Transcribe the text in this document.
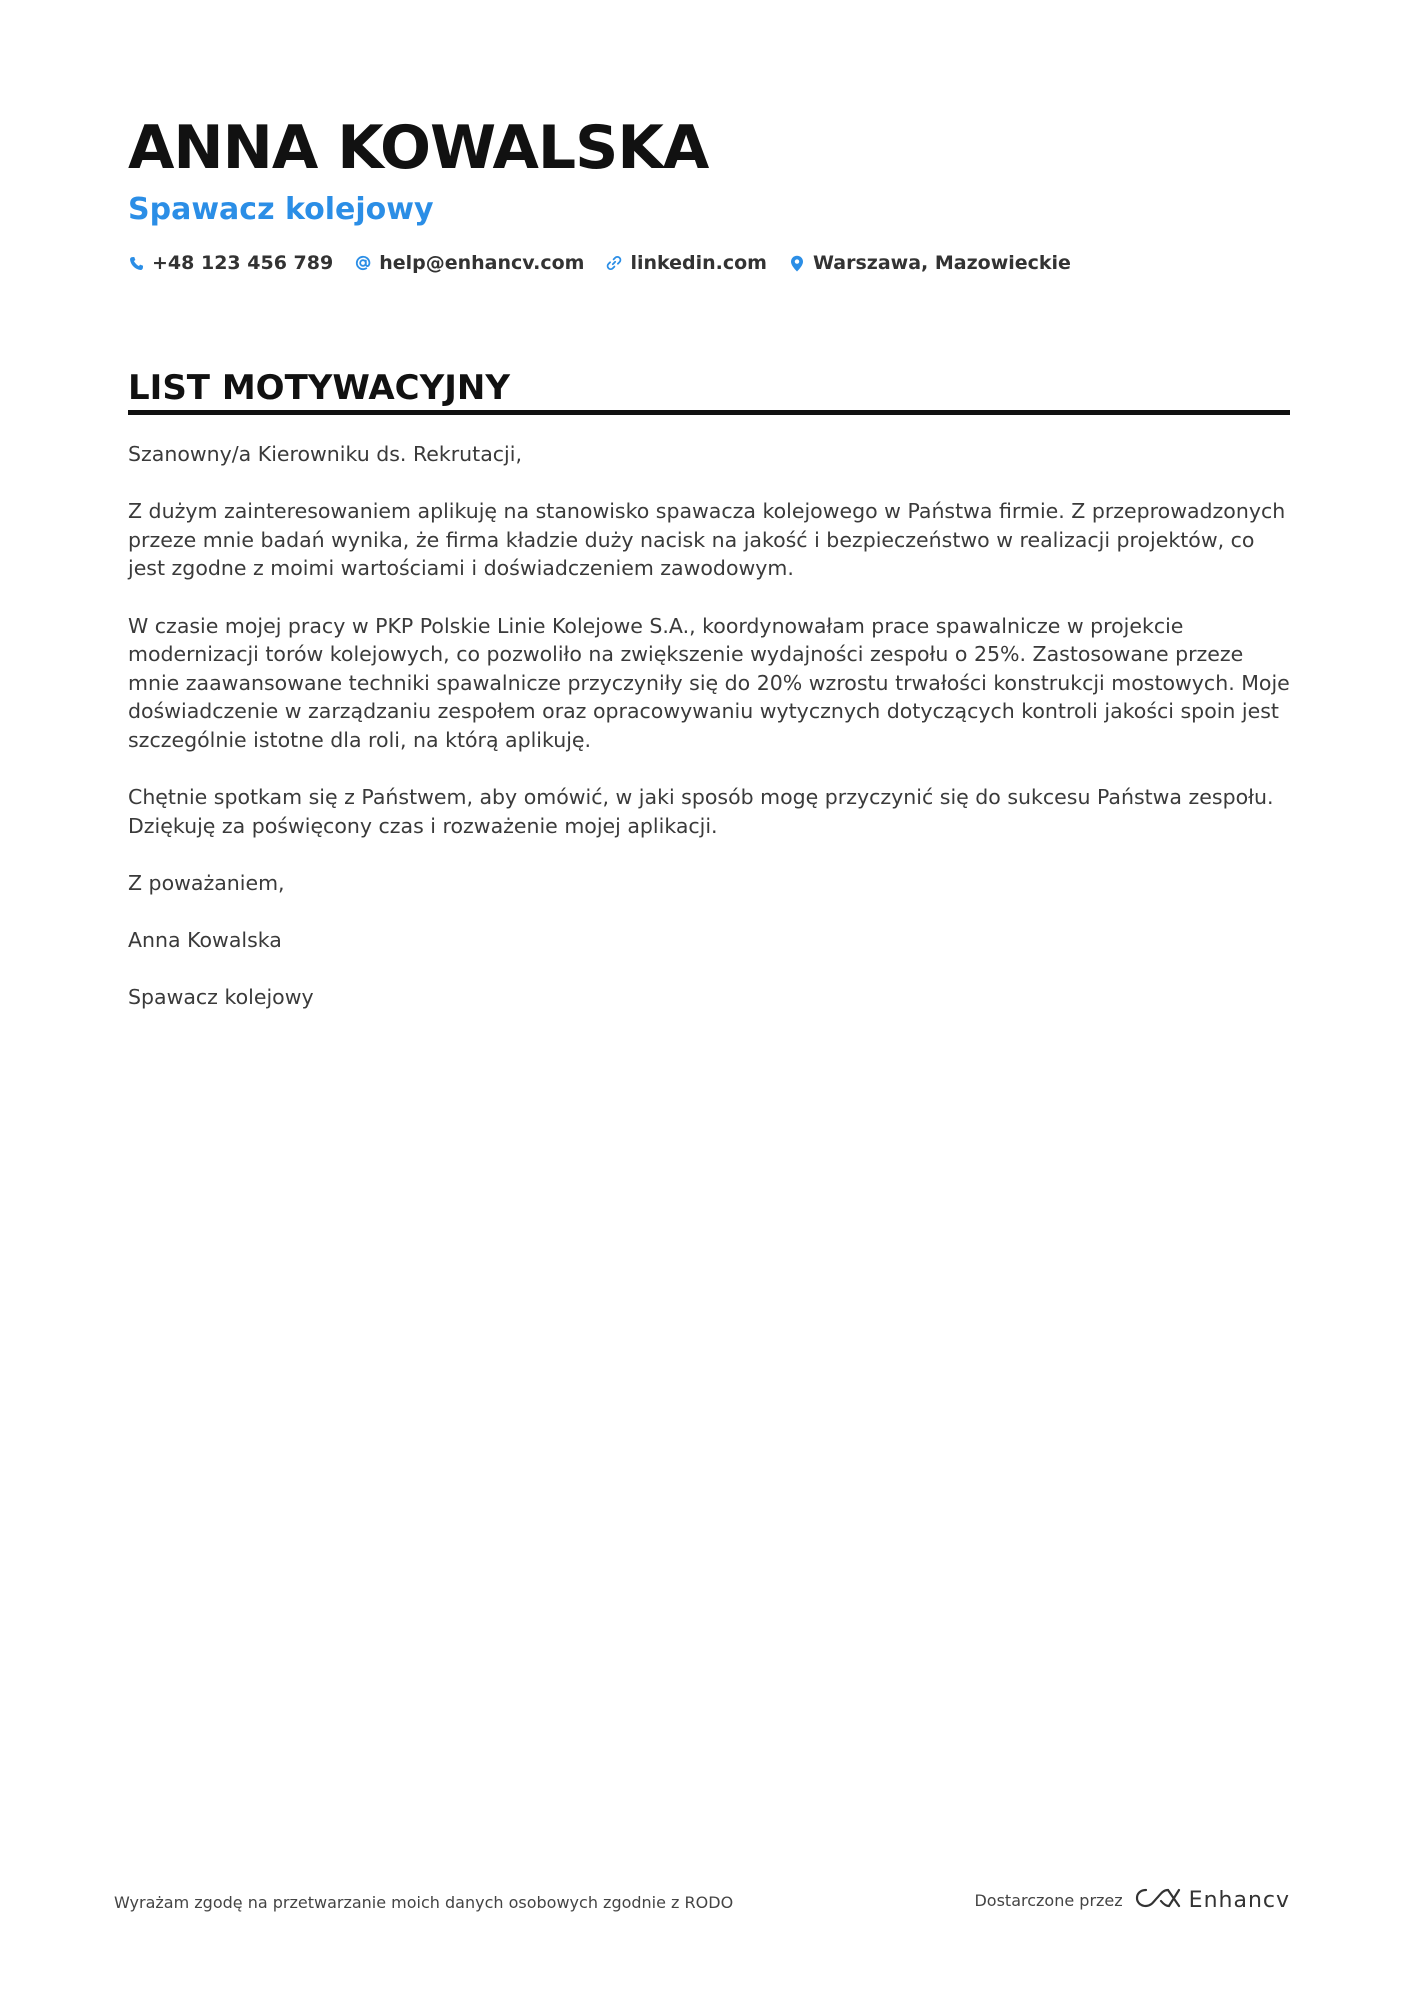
ANNA KOWALSKA
Spawacz kolejowy
+48 123 456 789 help@enhancv.com linkedin.com Warszawa, Mazowieckie
LIST MOTYWACYJNY

Szanowny/a Kierowniku ds. Rekrutacji,

Z dużym zainteresowaniem aplikuję na stanowisko spawacza kolejowego w Państwa firmie. Z przeprowadzonych przeze mnie badań wynika, że firma kładzie duży nacisk na jakość i bezpieczeństwo w realizacji projektów, co jest zgodne z moimi wartościami i doświadczeniem zawodowym.

W czasie mojej pracy w PKP Polskie Linie Kolejowe S.A., koordynowałam prace spawalnicze w projekcie modernizacji torów kolejowych, co pozwoliło na zwiększenie wydajności zespołu o 25%. Zastosowane przeze mnie zaawansowane techniki spawalnicze przyczyniły się do 20% wzrostu trwałości konstrukcji mostowych. Moje doświadczenie w zarządzaniu zespołem oraz opracowywaniu wytycznych dotyczących kontroli jakości spoin jest szczególnie istotne dla roli, na którą aplikuję.

Chętnie spotkam się z Państwem, aby omówić, w jaki sposób mogę przyczynić się do sukcesu Państwa zespołu. Dziękuję za poświęcony czas i rozważenie mojej aplikacji.

Z poważaniem,

Anna Kowalska

Spawacz kolejowy

Wyrażam zgodę na przetwarzanie moich danych osobowych zgodnie z RODO	Dostarczone przez	Enhancv
